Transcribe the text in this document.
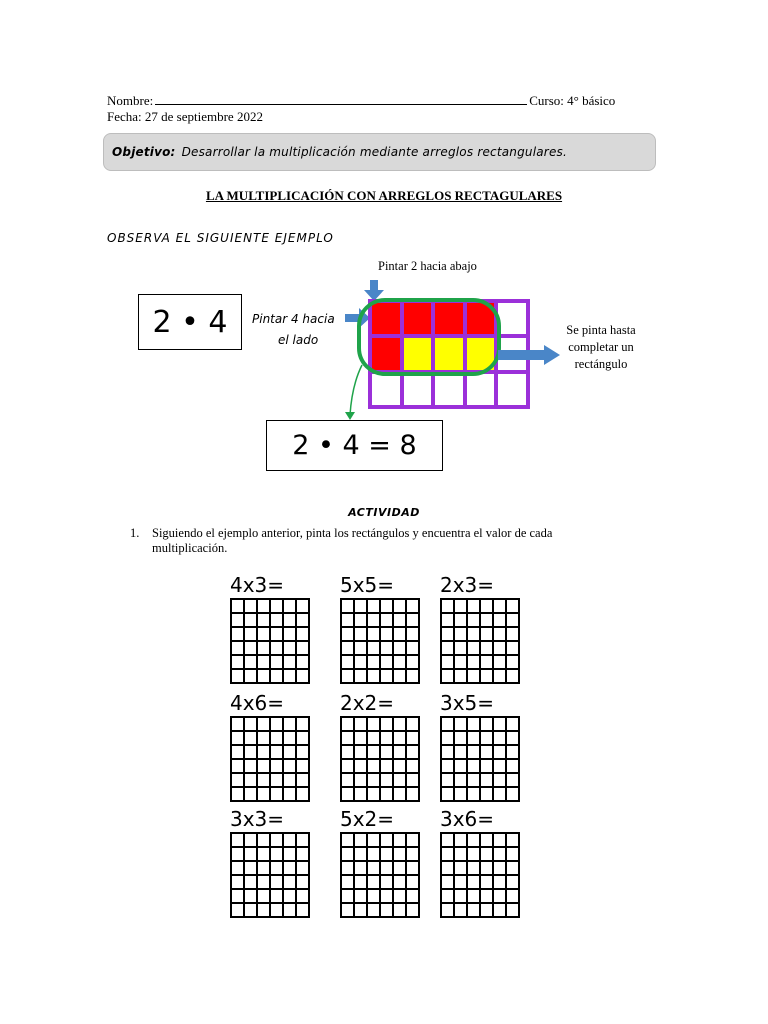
Nombre:	Curso: 4° básico
Fecha: 27 de septiembre 2022
Objetivo: Desarrollar la multiplicación mediante arreglos rectangulares.
LA MULTIPLICACIÓN CON ARREGLOS RECTAGULARES
OBSERVA EL SIGUIENTE EJEMPLO
2 • 4
Pintar 2 hacia abajo
Pintar 4 hacia
el lado
Se pinta hasta
completar un
rectángulo
2 • 4 = 8
ACTIVIDAD
1. Siguiendo el ejemplo anterior, pinta los rectángulos y encuentra el valor de cada multiplicación.
4x3=	5x5=	2x3=
4x6=	2x2=	3x5=
3x3=	5x2=	3x6=
